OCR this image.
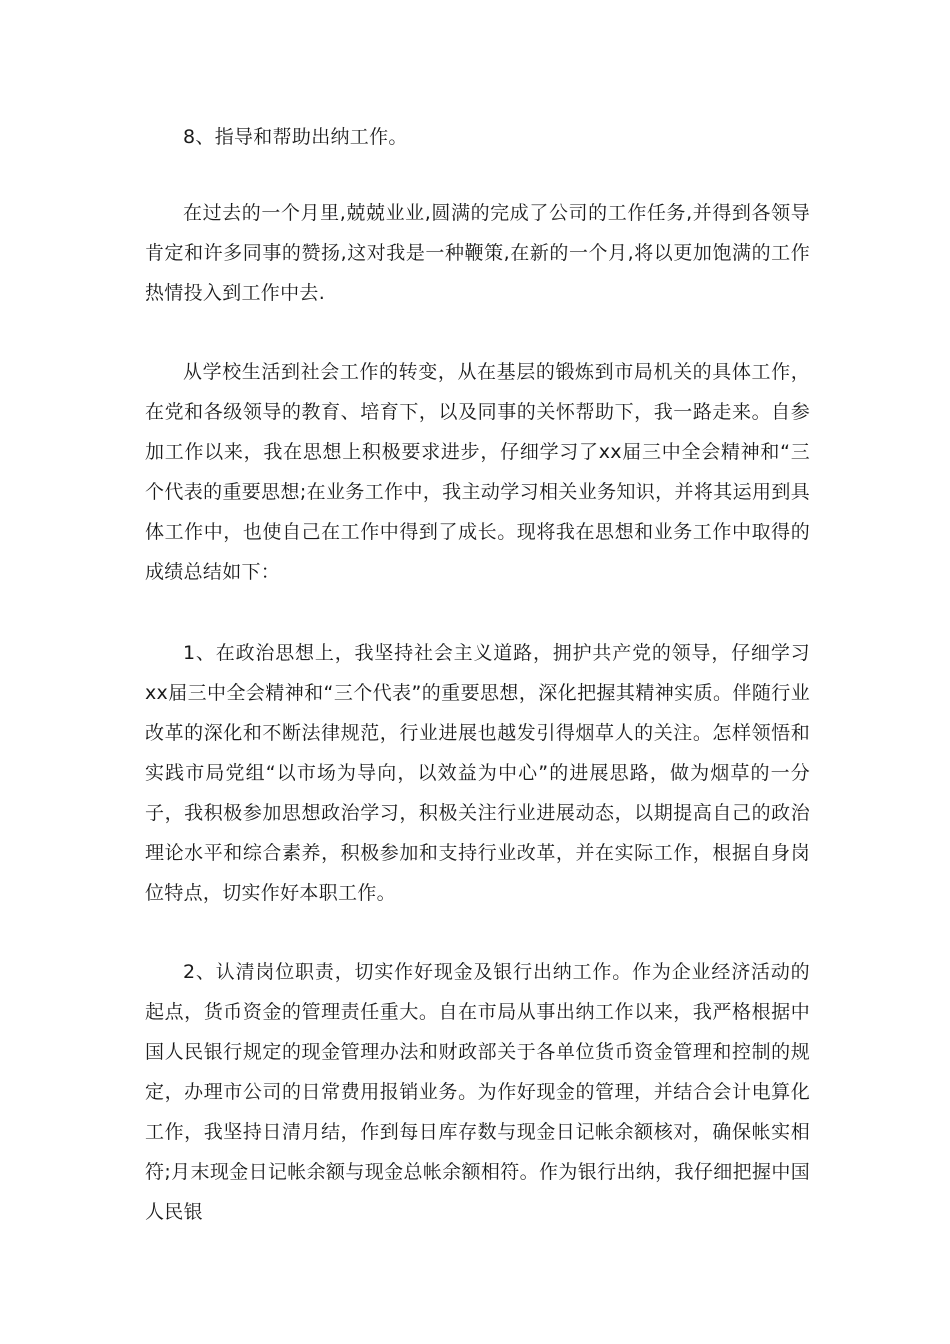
8、指导和帮助出纳工作。

在过去的一个月里,兢兢业业,圆满的完成了公司的工作任务,并得到各领导肯定和许多同事的赞扬,这对我是一种鞭策,在新的一个月,将以更加饱满的工作热情投入到工作中去.

从学校生活到社会工作的转变，从在基层的锻炼到市局机关的具体工作，在党和各级领导的教育、培育下，以及同事的关怀帮助下，我一路走来。自参加工作以来，我在思想上积极要求进步，仔细学习了xx届三中全会精神和“三个代表的重要思想;在业务工作中，我主动学习相关业务知识，并将其运用到具体工作中，也使自己在工作中得到了成长。现将我在思想和业务工作中取得的成绩总结如下：

1、在政治思想上，我坚持社会主义道路，拥护共产党的领导，仔细学习xx届三中全会精神和“三个代表”的重要思想，深化把握其精神实质。伴随行业改革的深化和不断法律规范，行业进展也越发引得烟草人的关注。怎样领悟和实践市局党组“以市场为导向，以效益为中心”的进展思路，做为烟草的一分子，我积极参加思想政治学习，积极关注行业进展动态，以期提高自己的政治理论水平和综合素养，积极参加和支持行业改革，并在实际工作，根据自身岗位特点，切实作好本职工作。

2、认清岗位职责，切实作好现金及银行出纳工作。作为企业经济活动的起点，货币资金的管理责任重大。自在市局从事出纳工作以来，我严格根据中国人民银行规定的现金管理办法和财政部关于各单位货币资金管理和控制的规定，办理市公司的日常费用报销业务。为作好现金的管理，并结合会计电算化工作，我坚持日清月结，作到每日库存数与现金日记帐余额核对，确保帐实相符;月末现金日记帐余额与现金总帐余额相符。作为银行出纳，我仔细把握中国人民银
